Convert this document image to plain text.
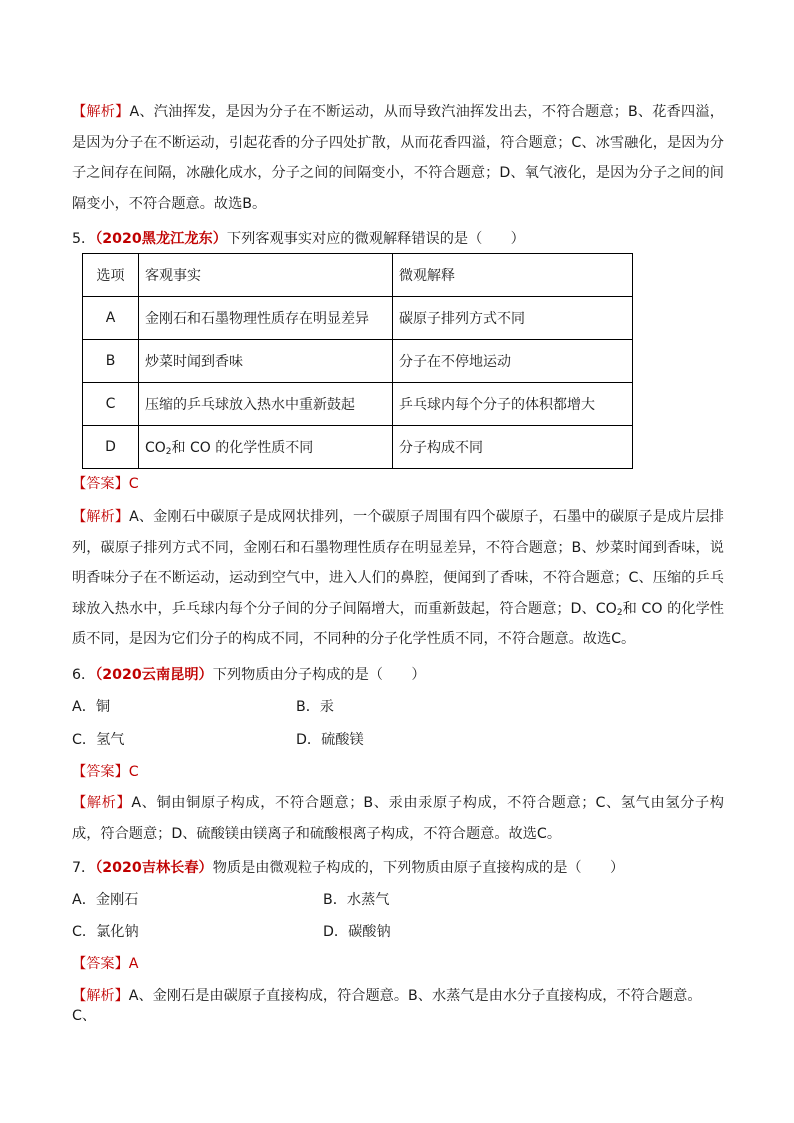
【解析】A、汽油挥发，是因为分子在不断运动，从而导致汽油挥发出去，不符合题意；B、花香四溢，是因为分子在不断运动，引起花香的分子四处扩散，从而花香四溢，符合题意；C、冰雪融化，是因为分子之间存在间隔，冰融化成水，分子之间的间隔变小，不符合题意；D、氧气液化，是因为分子之间的间隔变小，不符合题意。故选B。

5．（2020黑龙江龙东）下列客观事实对应的微观解释错误的是（　　）
选项	客观事实	微观解释
A	金刚石和石墨物理性质存在明显差异	碳原子排列方式不同
B	炒菜时闻到香味	分子在不停地运动
C	压缩的乒乓球放入热水中重新鼓起	乒乓球内每个分子的体积都增大
D	$CO_2$和 CO 的化学性质不同	分子构成不同
【答案】C

【解析】A、金刚石中碳原子是成网状排列，一个碳原子周围有四个碳原子，石墨中的碳原子是成片层排列，碳原子排列方式不同，金刚石和石墨物理性质存在明显差异，不符合题意；B、炒菜时闻到香味，说明香味分子在不断运动，运动到空气中，进入人们的鼻腔，便闻到了香味，不符合题意；C、压缩的乒乓球放入热水中，乒乓球内每个分子间的分子间隔增大，而重新鼓起，符合题意；D、$CO_2$和 CO 的化学性质不同，是因为它们分子的构成不同，不同种的分子化学性质不同，不符合题意。故选C。

6．（2020云南昆明）下列物质由分子构成的是（　　）
A．铜	B．汞
C．氢气	D．硫酸镁
【答案】C

【解析】A、铜由铜原子构成，不符合题意；B、汞由汞原子构成，不符合题意；C、氢气由氢分子构成，符合题意；D、硫酸镁由镁离子和硫酸根离子构成，不符合题意。故选C。

7．（2020吉林长春）物质是由微观粒子构成的，下列物质由原子直接构成的是（　　）
A．金刚石	B．水蒸气
C．氯化钠	D．碳酸钠
【答案】A
【解析】A、金刚石是由碳原子直接构成，符合题意。B、水蒸气是由水分子直接构成，不符合题意。C、
